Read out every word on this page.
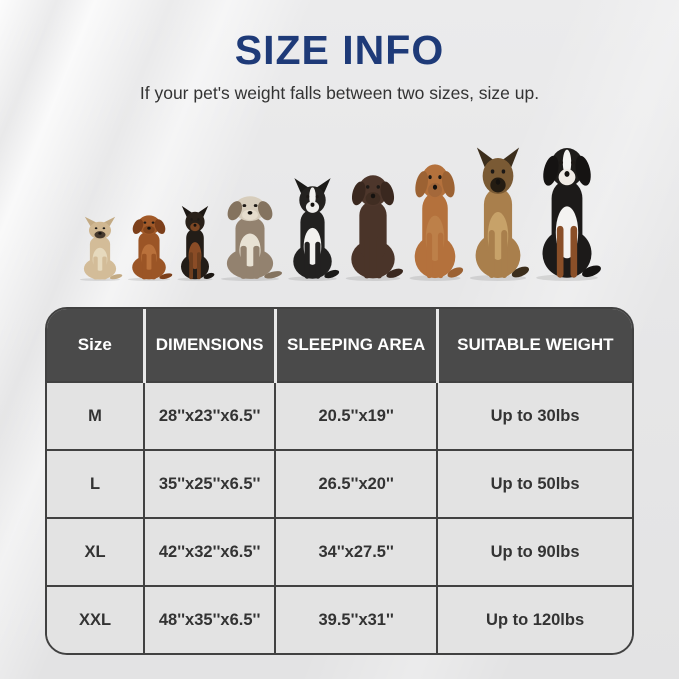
SIZE INFO

If your pet's weight falls between two sizes, size up.

Size	DIMENSIONS	SLEEPING AREA	SUITABLE WEIGHT
M	28''x23''x6.5''	20.5''x19''	Up to 30lbs
L	35''x25''x6.5''	26.5''x20''	Up to 50lbs
XL	42''x32''x6.5''	34''x27.5''	Up to 90lbs
XXL	48''x35''x6.5''	39.5''x31''	Up to 120lbs
